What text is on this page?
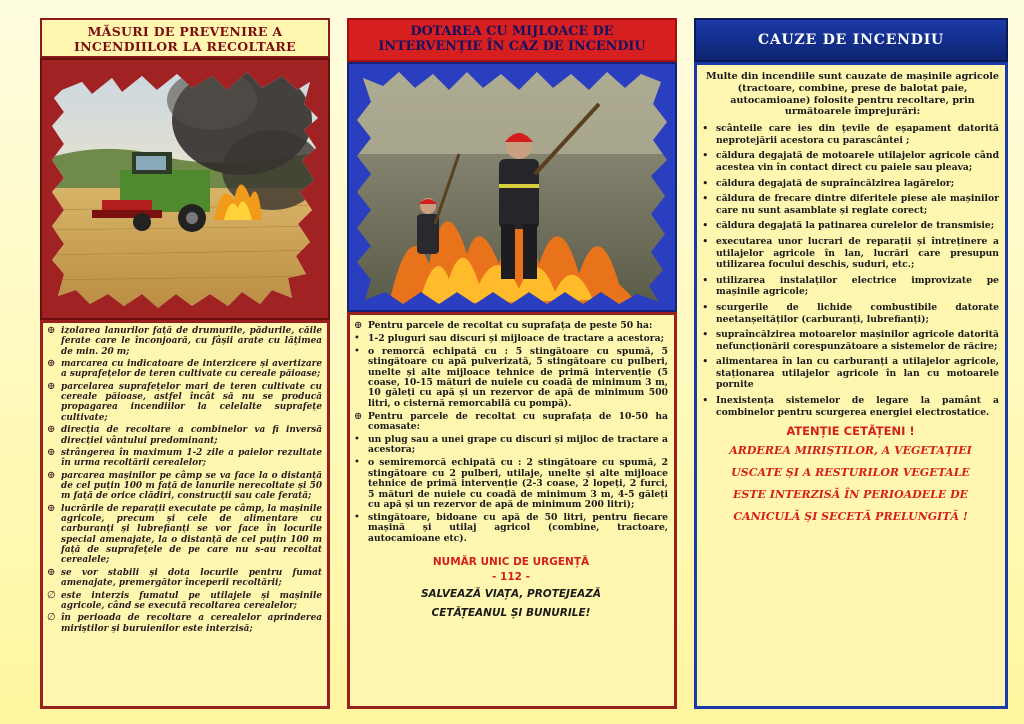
MĂSURI DE PREVENIRE A INCENDIILOR LA RECOLTARE
⊕ izolarea lanurilor față de drumurile, pădurile, căile ferate care le înconjoară, cu fâșii arate cu lățimea de min. 20 m;
⊕ marcarea cu indicatoare de interzicere și avertizare a suprafețelor de teren cultivate cu cereale păioase;
⊕ parcelarea suprafețelor mari de teren cultivate cu cereale păioase, astfel încât să nu se producă propagarea incendiilor la celelalte suprafețe cultivate;
⊕ direcția de recoltare a combinelor va fi inversă direcției vântului predominant;
⊕ strângerea în maximum 1-2 zile a paielor rezultate în urma recoltării cerealelor;
⊕ parcarea mașinilor pe câmp se va face la o distanță de cel puțin 100 m față de lanurile nerecoltate și 50 m față de orice clădiri, construcții sau cale ferată;
⊕ lucrările de reparații executate pe câmp, la mașinile agricole, precum și cele de alimentare cu carburanți și lubrefianți se vor face în locurile special amenajate, la o distanță de cel puțin 100 m față de suprafețele de pe care nu s-au recoltat cerealele;
⊕ se vor stabili și dota locurile pentru fumat amenajate, premergător începerii recoltării;
∅ este interzis fumatul pe utilajele și mașinile agricole, când se execută recoltarea cerealelor;
∅ în perioada de recoltare a cerealelor aprinderea miriștilor și buruienilor este interzisă;
DOTAREA CU MIJLOACE DE
INTERVENȚIE ÎN CAZ DE INCENDIU
⊕ Pentru parcele de recoltat cu suprafața de peste 50 ha:
• 1-2 pluguri sau discuri și mijloace de tractare a acestora;
• o remorcă echipată cu : 5 stingătoare cu spumă, 5 stingătoare cu apă pulverizată, 5 stingătoare cu pulberi, unelte și alte mijloace tehnice de primă intervenție (5 coase, 10-15 mături de nuiele cu coadă de minimum 3 m, 10 găleți cu apă și un rezervor de apă de minimum 500 litri, o cisternă remorcabilă cu pompă).
⊕ Pentru parcele de recoltat cu suprafața de 10-50 ha comasate:
• un plug sau a unei grape cu discuri și mijloc de tractare a acestora;
• o semiremorcă echipată cu : 2 stingătoare cu spumă, 2 stingătoare cu 2 pulberi, utilaje, unelte și alte mijloace tehnice de primă intervenție (2-3 coase, 2 lopeți, 2 furci, 5 mături de nuiele cu coadă de minimum 3 m, 4-5 găleți cu apă și un rezervor de apă de minimum 200 litri);
• stingătoare, bidoane cu apă de 50 litri, pentru fiecare mașină și utilaj agricol (combine, tractoare, autocamioane etc).
NUMĂR UNIC DE URGENȚĂ
- 112 -
SALVEAZĂ VIAȚA, PROTEJEAZĂ
CETĂȚEANUL ȘI BUNURILE!
CAUZE DE INCENDIU
Multe din incendiile sunt cauzate de mașinile agricole (tractoare, combine, prese de balotat paie, autocamioane) folosite pentru recoltare, prin următoarele împrejurări:
• scânteile care ies din țevile de eșapament datorită neprotejării acestora cu parascântei ;
• căldura degajată de motoarele utilajelor agricole când acestea vin în contact direct cu paiele sau pleava;
• căldura degajată de supraîncălzirea lagărelor;
• căldura de frecare dintre diferitele piese ale mașinilor care nu sunt asamblate și reglate corect;
• căldura degajată la patinarea curelelor de transmisie;
• executarea unor lucrari de reparații și întreținere a utilajelor agricole în lan, lucrări care presupun utilizarea focului deschis, suduri, etc.;
• utilizarea instalaților electrice improvizate pe mașinile agricole;
• scurgerile de lichide combustibile datorate neetanșeităților (carburanți, lubrefianți);
• supraîncălzirea motoarelor mașinilor agricole datorită nefuncționării corespunzătoare a sistemelor de răcire;
• alimentarea în lan cu carburanți a utilajelor agricole, staționarea utilajelor agricole în lan cu motoarele pornite
• Inexistența sistemelor de legare la pamânt a combinelor pentru scurgerea energiei electrostatice.
ATENȚIE CETĂȚENI !
ARDEREA MIRIȘTILOR, A VEGETAȚIEI
USCATE ȘI A RESTURILOR VEGETALE
ESTE INTERZISĂ ÎN PERIOADELE DE
CANICULĂ ȘI SECETĂ PRELUNGITĂ !
